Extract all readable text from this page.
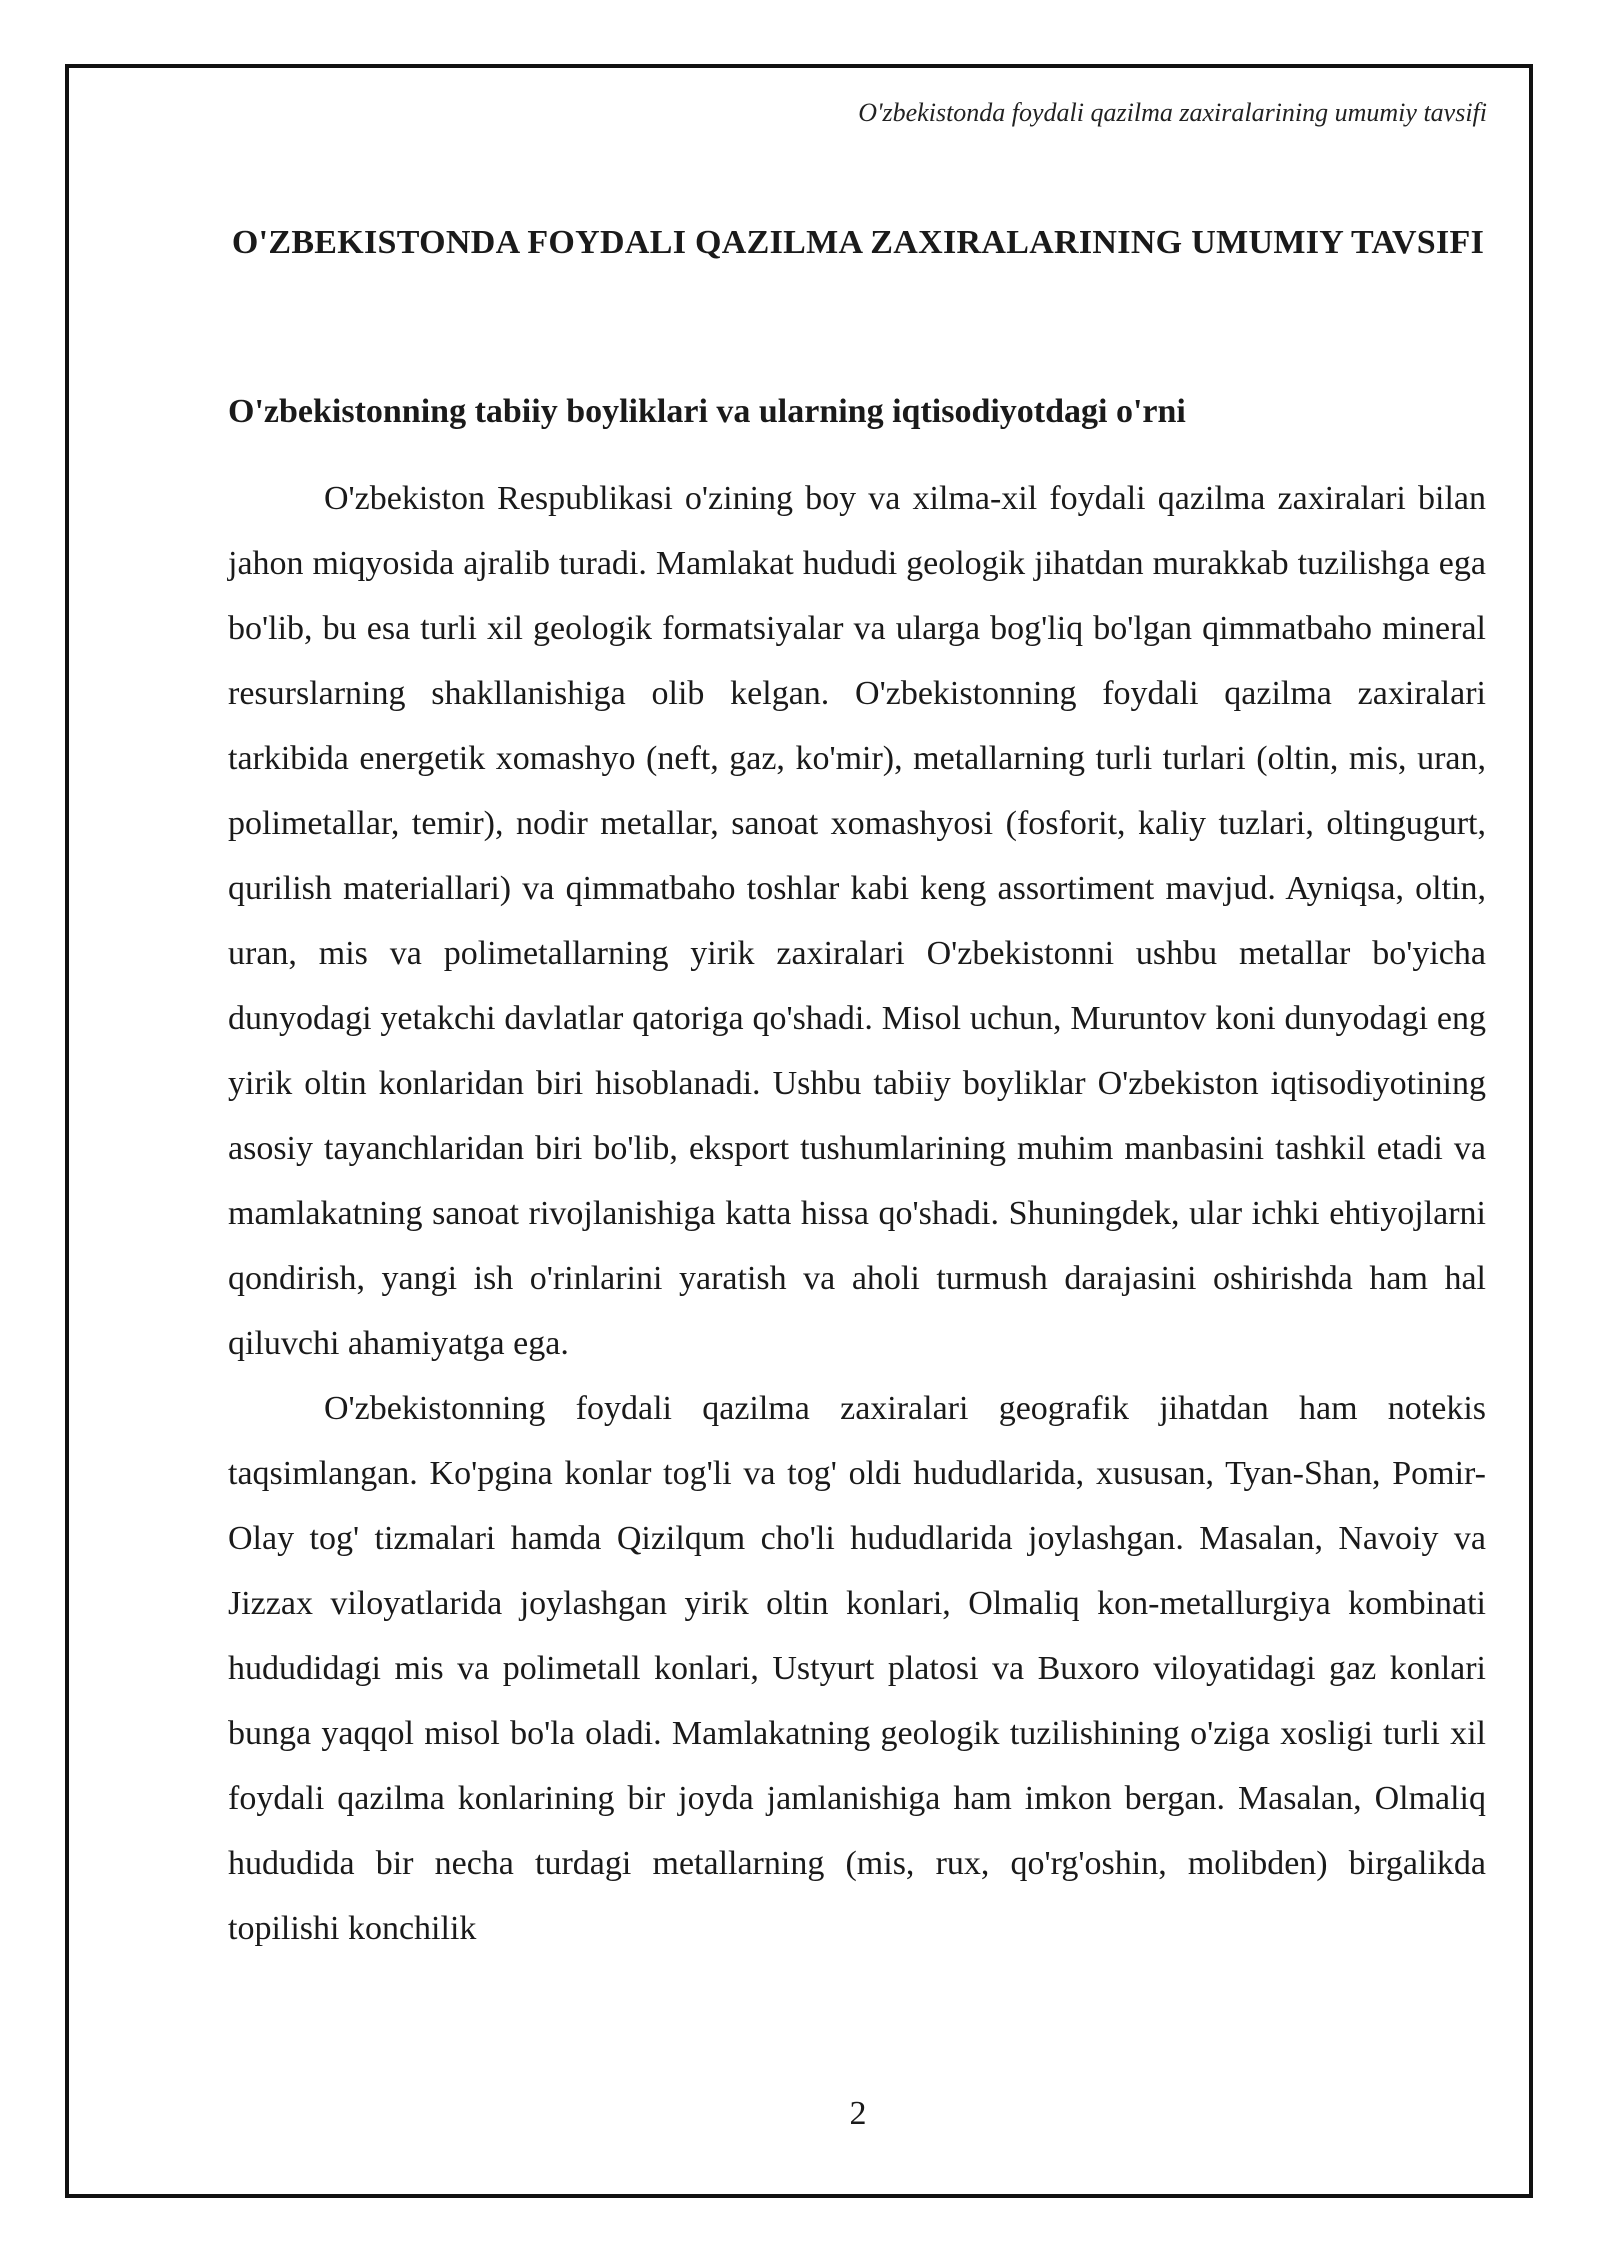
O'zbekistonda foydali qazilma zaxiralarining umumiy tavsifi
O'ZBEKISTONDA FOYDALI QAZILMA ZAXIRALARINING UMUMIY TAVSIFI
O'zbekistonning tabiiy boyliklari va ularning iqtisodiyotdagi o'rni

O'zbekiston Respublikasi o'zining boy va xilma-xil foydali qazilma zaxiralari bilan jahon miqyosida ajralib turadi. Mamlakat hududi geologik jihatdan murakkab tuzilishga ega bo'lib, bu esa turli xil geologik formatsiyalar va ularga bog'liq bo'lgan qimmatbaho mineral resurslarning shakllanishiga olib kelgan. O'zbekistonning foydali qazilma zaxiralari tarkibida energetik xomashyo (neft, gaz, ko'mir), metallarning turli turlari (oltin, mis, uran, polimetallar, temir), nodir metallar, sanoat xomashyosi (fosforit, kaliy tuzlari, oltingugurt, qurilish materiallari) va qimmatbaho toshlar kabi keng assortiment mavjud. Ayniqsa, oltin, uran, mis va polimetallarning yirik zaxiralari O'zbekistonni ushbu metallar bo'yicha dunyodagi yetakchi davlatlar qatoriga qo'shadi. Misol uchun, Muruntov koni dunyodagi eng yirik oltin konlaridan biri hisoblanadi. Ushbu tabiiy boyliklar O'zbekiston iqtisodiyotining asosiy tayanchlaridan biri bo'lib, eksport tushumlarining muhim manbasini tashkil etadi va mamlakatning sanoat rivojlanishiga katta hissa qo'shadi. Shuningdek, ular ichki ehtiyojlarni qondirish, yangi ish o'rinlarini yaratish va aholi turmush darajasini oshirishda ham hal qiluvchi ahamiyatga ega.

O'zbekistonning foydali qazilma zaxiralari geografik jihatdan ham notekis taqsimlangan. Ko'pgina konlar tog'li va tog' oldi hududlarida, xususan, Tyan-Shan, Pomir-Olay tog' tizmalari hamda Qizilqum cho'li hududlarida joylashgan. Masalan, Navoiy va Jizzax viloyatlarida joylashgan yirik oltin konlari, Olmaliq kon-metallurgiya kombinati hududidagi mis va polimetall konlari, Ustyurt platosi va Buxoro viloyatidagi gaz konlari bunga yaqqol misol bo'la oladi. Mamlakatning geologik tuzilishining o'ziga xosligi turli xil foydali qazilma konlarining bir joyda jamlanishiga ham imkon bergan. Masalan, Olmaliq hududida bir necha turdagi metallarning (mis, rux, qo'rg'oshin, molibden) birgalikda topilishi konchilik

2
